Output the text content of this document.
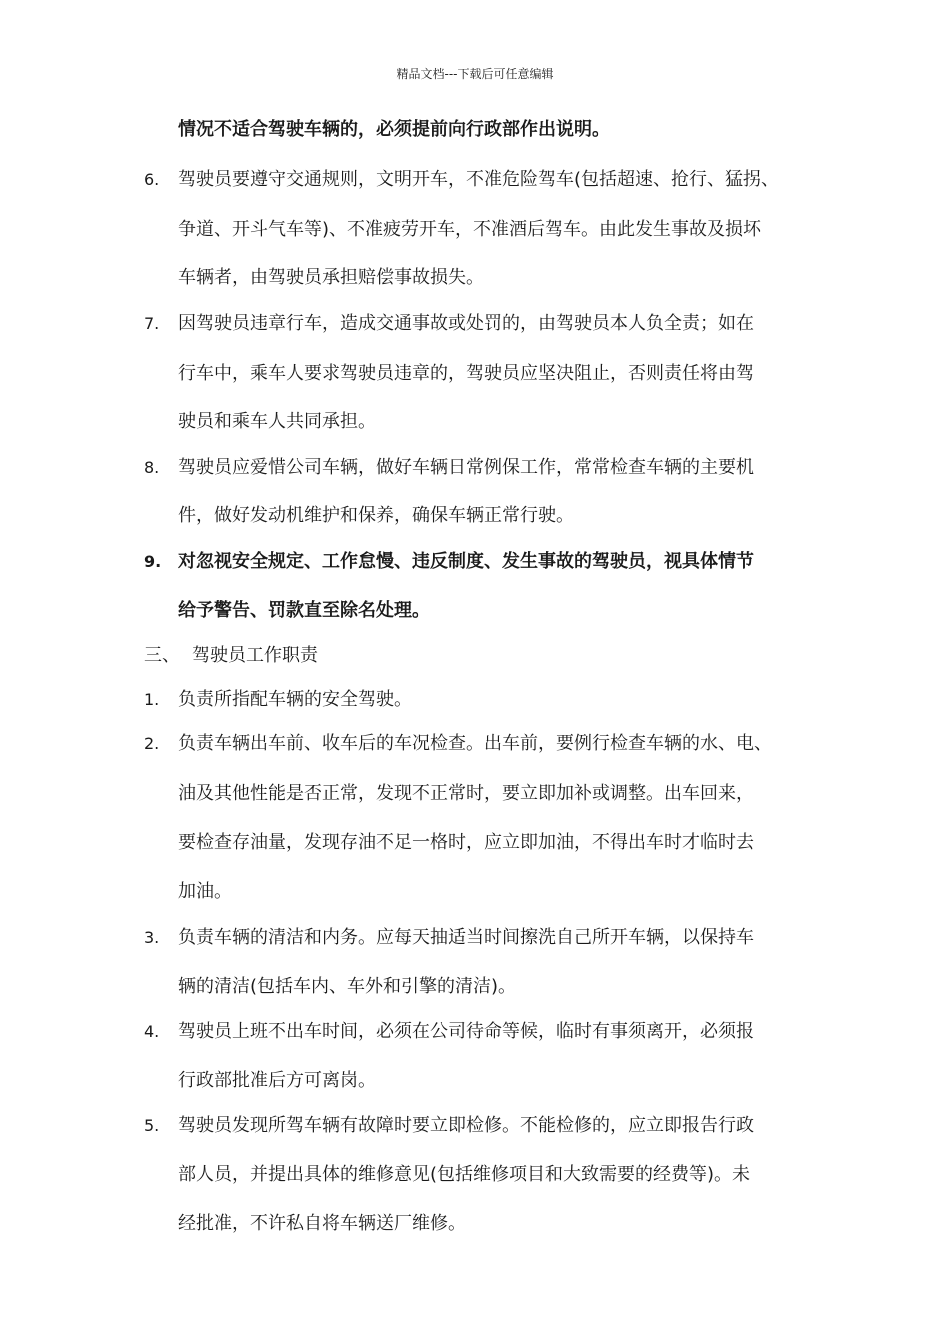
精品文档---下载后可任意编辑
情况不适合驾驶车辆的，必须提前向行政部作出说明。
6.	驾驶员要遵守交通规则，文明开车，不准危险驾车(包括超速、抢行、猛拐、
争道、开斗气车等)、不准疲劳开车，不准酒后驾车。由此发生事故及损坏
车辆者，由驾驶员承担赔偿事故损失。
7.	因驾驶员违章行车，造成交通事故或处罚的，由驾驶员本人负全责；如在
行车中，乘车人要求驾驶员违章的，驾驶员应坚决阻止，否则责任将由驾
驶员和乘车人共同承担。
8.	驾驶员应爱惜公司车辆，做好车辆日常例保工作，常常检查车辆的主要机
件，做好发动机维护和保养，确保车辆正常行驶。
9. 对忽视安全规定、工作怠慢、违反制度、发生事故的驾驶员，视具体情节
给予警告、罚款直至除名处理。
三、 驾驶员工作职责
1.	负责所指配车辆的安全驾驶。
2.	负责车辆出车前、收车后的车况检查。出车前，要例行检查车辆的水、电、
油及其他性能是否正常，发现不正常时，要立即加补或调整。出车回来，
要检查存油量，发现存油不足一格时，应立即加油，不得出车时才临时去
加油。
3.	负责车辆的清洁和内务。应每天抽适当时间擦洗自己所开车辆，以保持车
辆的清洁(包括车内、车外和引擎的清洁)。
4.	驾驶员上班不出车时间，必须在公司待命等候，临时有事须离开，必须报
行政部批准后方可离岗。
5.	驾驶员发现所驾车辆有故障时要立即检修。不能检修的，应立即报告行政
部人员，并提出具体的维修意见(包括维修项目和大致需要的经费等)。未
经批准，不许私自将车辆送厂维修。
